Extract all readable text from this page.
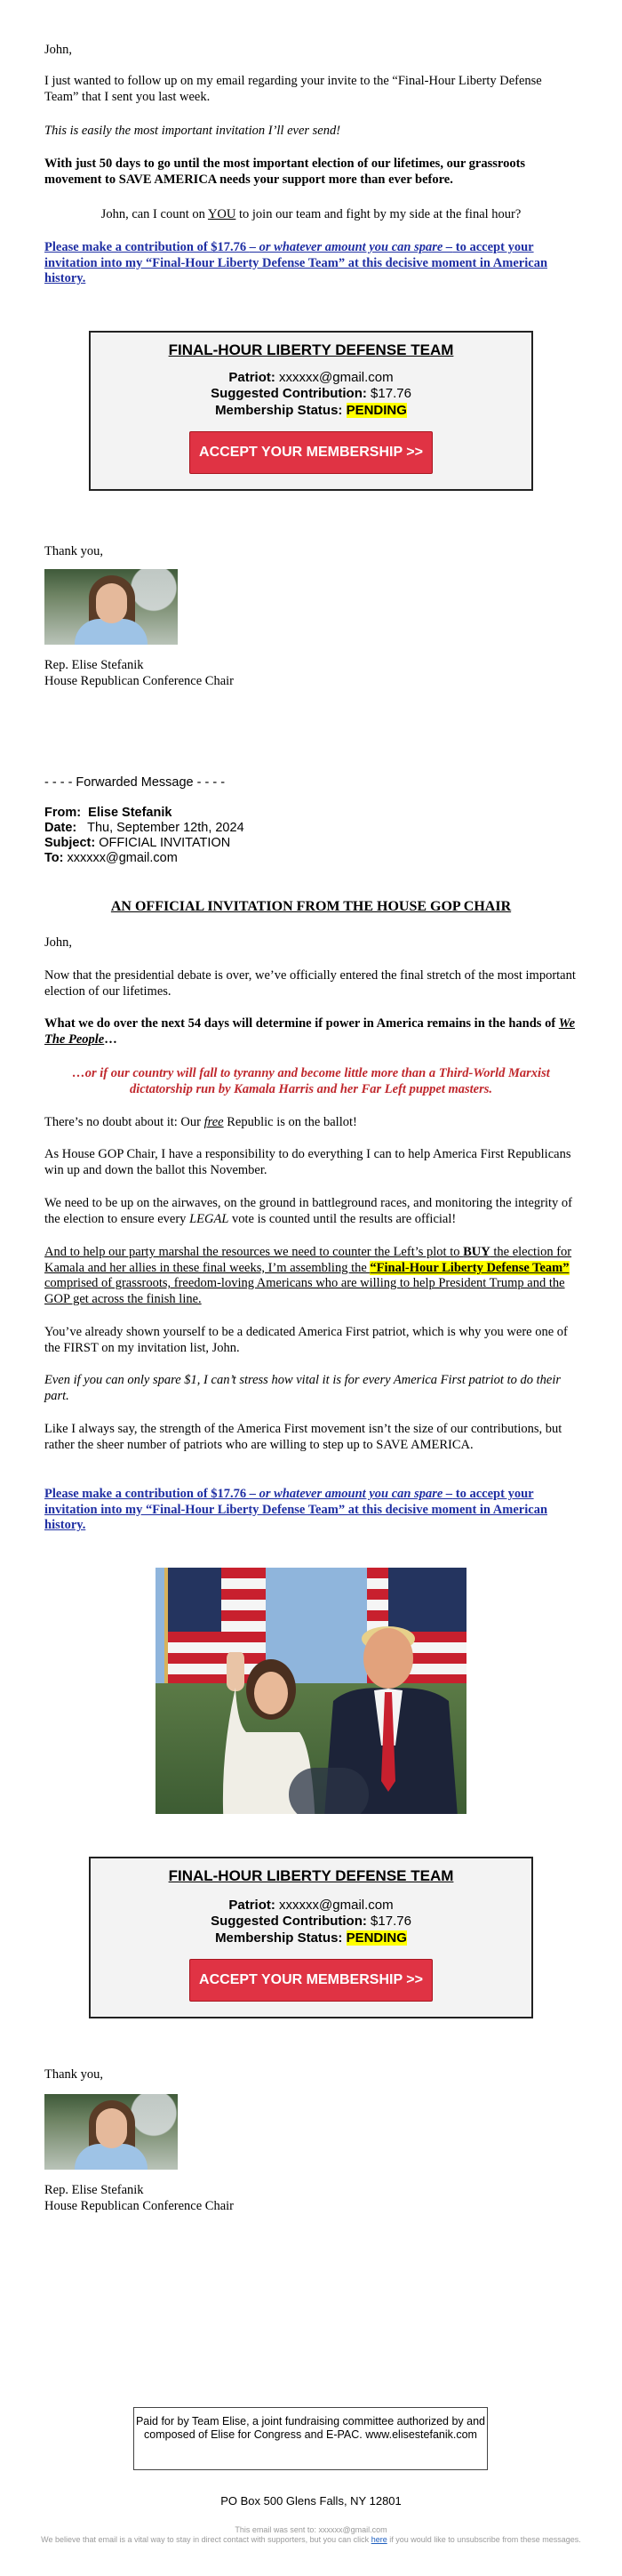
John,

I just wanted to follow up on my email regarding your invite to the “Final-Hour Liberty Defense Team” that I sent you last week.
This is easily the most important invitation I’ll ever send!
With just 50 days to go until the most important election of our lifetimes, our grassroots movement to SAVE AMERICA needs your support more than ever before.
John, can I count on YOU to join our team and fight by my side at the final hour?
Please make a contribution of $17.76 – or whatever amount you can spare – to accept your invitation into my “Final-Hour Liberty Defense Team” at this decisive moment in American history.
FINAL-HOUR LIBERTY DEFENSE TEAM
Patriot: xxxxxx@gmail.com
Suggested Contribution: $17.76
Membership Status: PENDING
ACCEPT YOUR MEMBERSHIP >>
Thank you,
Rep. Elise Stefanik
House Republican Conference Chair
- - - - Forwarded Message - - - -
From: Elise Stefanik
Date: Thu, September 12th, 2024
Subject: OFFICIAL INVITATION
To: xxxxxx@gmail.com
AN OFFICIAL INVITATION FROM THE HOUSE GOP CHAIR
John,
Now that the presidential debate is over, we’ve officially entered the final stretch of the most important election of our lifetimes.
What we do over the next 54 days will determine if power in America remains in the hands of We The People…
…or if our country will fall to tyranny and become little more than a Third-World Marxist dictatorship run by Kamala Harris and her Far Left puppet masters.
There’s no doubt about it: Our free Republic is on the ballot!
As House GOP Chair, I have a responsibility to do everything I can to help America First Republicans win up and down the ballot this November.
We need to be up on the airwaves, on the ground in battleground races, and monitoring the integrity of the election to ensure every LEGAL vote is counted until the results are official!
And to help our party marshal the resources we need to counter the Left’s plot to BUY the election for Kamala and her allies in these final weeks, I’m assembling the “Final-Hour Liberty Defense Team” comprised of grassroots, freedom-loving Americans who are willing to help President Trump and the GOP get across the finish line.
You’ve already shown yourself to be a dedicated America First patriot, which is why you were one of the FIRST on my invitation list, John.
Even if you can only spare $1, I can’t stress how vital it is for every America First patriot to do their part.
Like I always say, the strength of the America First movement isn’t the size of our contributions, but rather the sheer number of patriots who are willing to step up to SAVE AMERICA.
Please make a contribution of $17.76 – or whatever amount you can spare – to accept your invitation into my “Final-Hour Liberty Defense Team” at this decisive moment in American history.
FINAL-HOUR LIBERTY DEFENSE TEAM
Patriot: xxxxxx@gmail.com
Suggested Contribution: $17.76
Membership Status: PENDING
ACCEPT YOUR MEMBERSHIP >>
Thank you,
Rep. Elise Stefanik
House Republican Conference Chair
Paid for by Team Elise, a joint fundraising committee authorized by and composed of Elise for Congress and E-PAC. www.elisestefanik.com
PO Box 500 Glens Falls, NY 12801
This email was sent to: xxxxxx@gmail.com
We believe that email is a vital way to stay in direct contact with supporters, but you can click here if you would like to unsubscribe from these messages.
